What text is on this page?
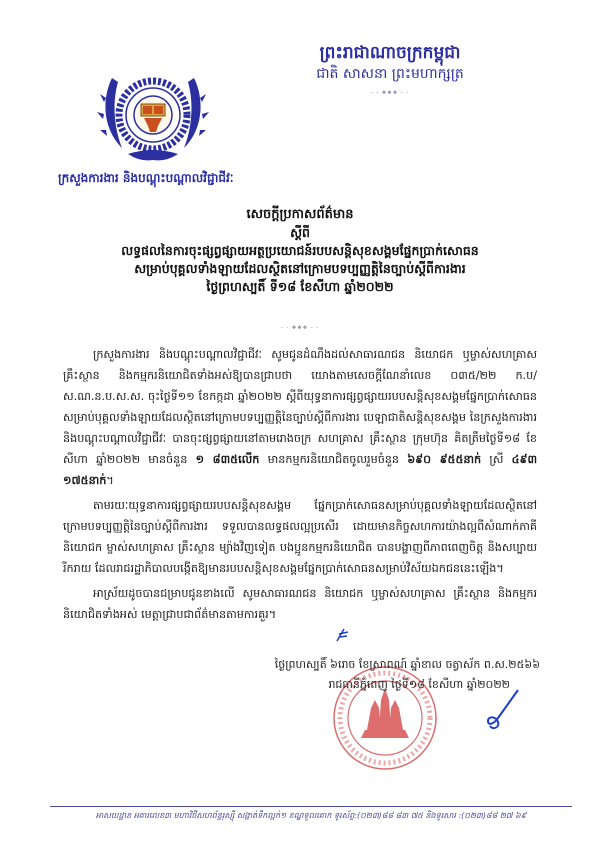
ព្រះរាជាណាចក្រកម្ពុជា
ជាតិ សាសនា ព្រះមហាក្សត្រ
- - ❖❖❖ - -
ក្រសួងការងារ និងបណ្តុះបណ្តាលវិជ្ជាជីវៈ
សេចក្តីប្រកាសព័ត៌មាន
ស្តីពី
លទ្ធផលនៃការចុះផ្សព្វផ្សាយអត្ថប្រយោជន៍របបសន្តិសុខសង្គមផ្នែកប្រាក់សោធន
សម្រាប់បុគ្គលទាំងឡាយដែលស្ថិតនៅក្រោមបទប្បញ្ញត្តិនៃច្បាប់ស្តីពីការងារ
ថ្ងៃព្រហស្បតិ៍ ទី១៨ ខែសីហា ឆ្នាំ២០២២
- - ❖❖❖ - -

ក្រសួងការងារ និងបណ្តុះបណ្តាលវិជ្ជាជីវៈ សូមជូនដំណឹងដល់សាធារណជន និយោជក ឬម្ចាស់សហគ្រាស គ្រឹះស្ថាន និងកម្មករនិយោជិតទាំងអស់ឱ្យបានជ្រាបថា យោងតាមសេចក្តីណែនាំលេខ ០៣៥/២២ ក.ប/ស.ណ.ន.ប.ស.ស. ចុះថ្ងៃទី១១ ខែកក្កដា ឆ្នាំ២០២២ ស្តីពីយុទ្ធនាការផ្សព្វផ្សាយរបបសន្តិសុខសង្គមផ្នែកប្រាក់សោធន សម្រាប់បុគ្គលទាំងឡាយដែលស្ថិតនៅក្រោមបទប្បញ្ញត្តិនៃច្បាប់ស្តីពីការងារ បេឡាជាតិសន្តិសុខសង្គម នៃក្រសួងការងារ និងបណ្តុះបណ្តាលវិជ្ជាជីវៈ បានចុះផ្សព្វផ្សាយនៅតាមរោងចក្រ សហគ្រាស គ្រឹះស្ថាន ក្រុមហ៊ុន គិតត្រឹមថ្ងៃទី១៨ ខែសីហា ឆ្នាំ២០២២ មានចំនួន ១ ៨៣៥លើក មានកម្មករនិយោជិតចូលរួមចំនួន ៦៩០ ៩៥៥នាក់ ស្រី ៤៩៣ ១៧៥នាក់។

តាមរយៈយុទ្ធនាការផ្សព្វផ្សាយរបបសន្តិសុខសង្គម ផ្នែកប្រាក់សោធនសម្រាប់បុគ្គលទាំងឡាយដែលស្ថិតនៅក្រោមបទប្បញ្ញត្តិនៃច្បាប់ស្តីពីការងារ ទទួលបានលទ្ធផលល្អប្រសើរ ដោយមានកិច្ចសហការយ៉ាងល្អពីសំណាក់ភាគីនិយោជក ម្ចាស់សហគ្រាស គ្រឹះស្ថាន ម្យ៉ាងវិញទៀត បងប្អូនកម្មករនិយោជិត បានបង្ហាញពីភាពពេញចិត្ត និងសប្បាយរីករាយ ដែលរាជរដ្ឋាភិបាលបង្កើតឱ្យមានរបបសន្តិសុខសង្គមផ្នែកប្រាក់សោធនសម្រាប់វិស័យឯកជននេះឡើង។

អាស្រ័យដូចបានជម្រាបជូនខាងលើ សូមសាធារណជន និយោជក ឬម្ចាស់សហគ្រាស គ្រឹះស្ថាន និងកម្មករនិយោជិតទាំងអស់ មេត្តាជ្រាបជាព័ត៌មានតាមការគួរ។

ថ្ងៃព្រហស្បតិ៍ ៦រោច ខែស្រាពណ៍ ឆ្នាំខាល ចត្វាស័ក ព.ស.២៥៦៦
រាជធានីភ្នំពេញ ថ្ងៃទី១៨ ខែសីហា ឆ្នាំ២០២២
អាសយដ្ឋាន អគារលេខ៣ មហាវិថីសហព័ន្ធរុស្ស៊ី សង្កាត់ទឹកល្អក់១ ខណ្ឌទួលគោក ទូរស័ព្ទ:(០២៣)៨៨ ៨៣ ៧៥ និងទូរសារ :(០២៣)៨៨ ២៧ ៦៩
